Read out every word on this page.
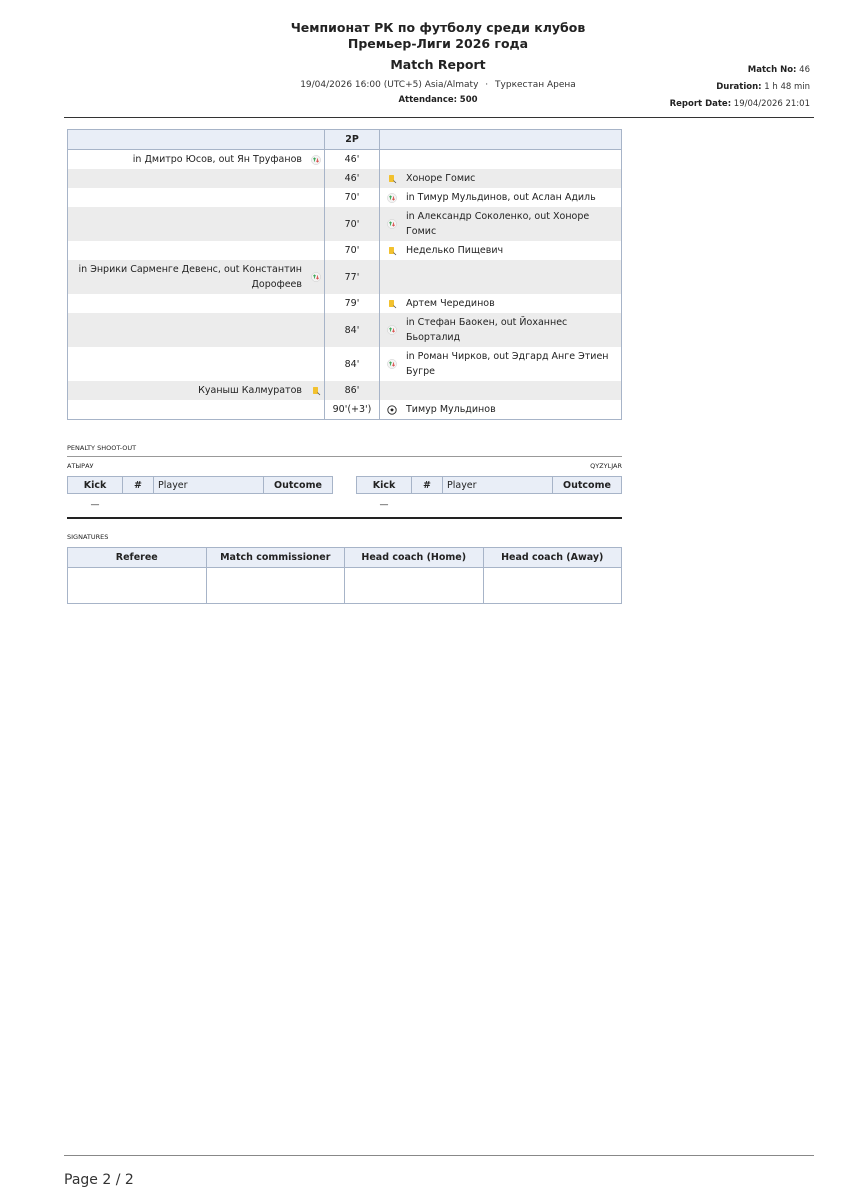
Чемпионат РК по футболу среди клубов
Премьер-Лиги 2026 года
Match Report
19/04/2026 16:00 (UTC+5) Asia/Almaty · Туркестан Арена
Attendance: 500
Match No: 46
Duration: 1 h 48 min
Report Date: 19/04/2026 21:01
		2P		
in Дмитро Юсов, out Ян Труфанов		46'		
		46'		Хоноре Гомис
		70'		in Тимур Мульдинов, out Аслан Адиль
		70'		in Александр Соколенко, out Хоноре Гомис
		70'		Неделько Пищевич
in Энрики Сарменге Девенс, out Константин Дорофеев		77'		
		79'		Артем Черединов
		84'		in Стефан Баокен, out Йоханнес Бьорталид
		84'		in Роман Чирков, out Эдгард Анге Этиен Бугре
Куаныш Калмуратов		86'		
		90'(+3')		Тимур Мульдинов
PENALTY SHOOT-OUT
АТЫРАУ	QYZYLJAR
Kick	#	Player	Outcome
—			
Kick	#	Player	Outcome
—			
SIGNATURES
Referee	Match commissioner	Head coach (Home)	Head coach (Away)

Page 2 / 2
